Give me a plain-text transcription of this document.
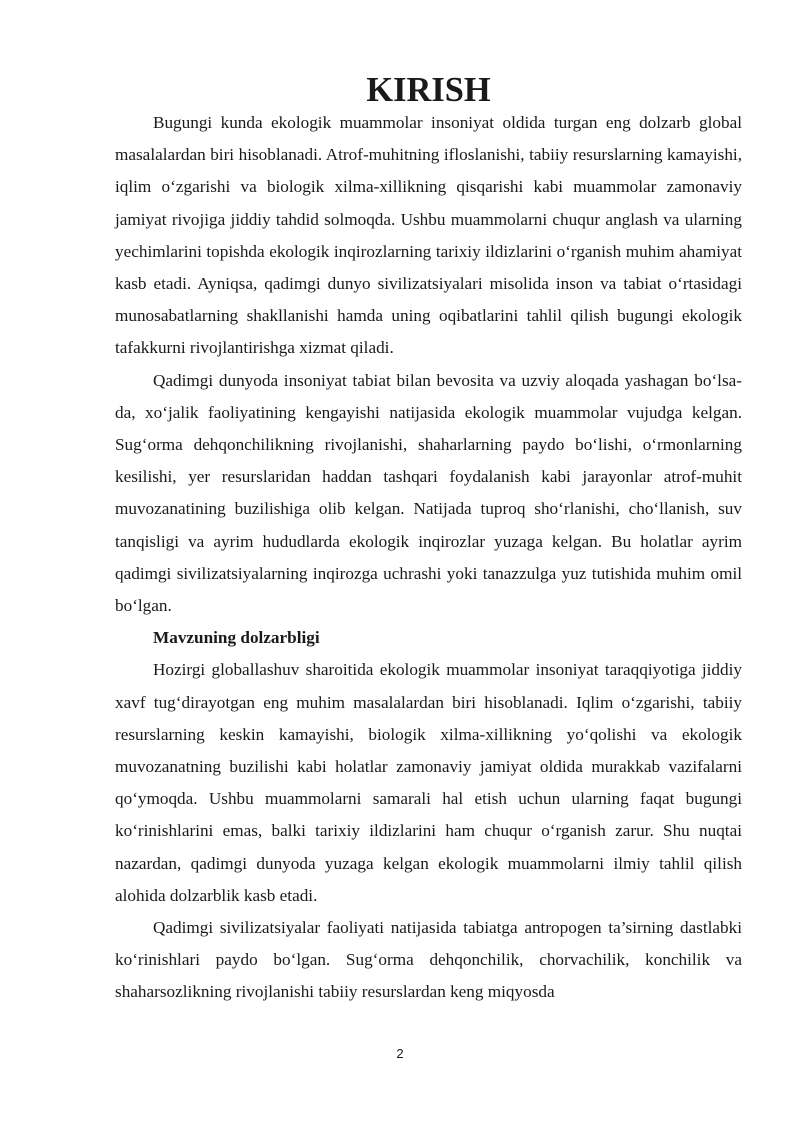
KIRISH

Bugungi kunda ekologik muammolar insoniyat oldida turgan eng dolzarb global masalalardan biri hisoblanadi. Atrof-muhitning ifloslanishi, tabiiy resurslarning kamayishi, iqlim o‘zgarishi va biologik xilma-xillikning qisqarishi kabi muammolar zamonaviy jamiyat rivojiga jiddiy tahdid solmoqda. Ushbu muammolarni chuqur anglash va ularning yechimlarini topishda ekologik inqirozlarning tarixiy ildizlarini o‘rganish muhim ahamiyat kasb etadi. Ayniqsa, qadimgi dunyo sivilizatsiyalari misolida inson va tabiat o‘rtasidagi munosabatlarning shakllanishi hamda uning oqibatlarini tahlil qilish bugungi ekologik tafakkurni rivojlantirishga xizmat qiladi.

Qadimgi dunyoda insoniyat tabiat bilan bevosita va uzviy aloqada yashagan bo‘lsa-da, xo‘jalik faoliyatining kengayishi natijasida ekologik muammolar vujudga kelgan. Sug‘orma dehqonchilikning rivojlanishi, shaharlarning paydo bo‘lishi, o‘rmonlarning kesilishi, yer resurslaridan haddan tashqari foydalanish kabi jarayonlar atrof-muhit muvozanatining buzilishiga olib kelgan. Natijada tuproq sho‘rlanishi, cho‘llanish, suv tanqisligi va ayrim hududlarda ekologik inqirozlar yuzaga kelgan. Bu holatlar ayrim qadimgi sivilizatsiyalarning inqirozga uchrashi yoki tanazzulga yuz tutishida muhim omil bo‘lgan.

Mavzuning dolzarbligi

Hozirgi globallashuv sharoitida ekologik muammolar insoniyat taraqqiyotiga jiddiy xavf tug‘dirayotgan eng muhim masalalardan biri hisoblanadi. Iqlim o‘zgarishi, tabiiy resurslarning keskin kamayishi, biologik xilma-xillikning yo‘qolishi va ekologik muvozanatning buzilishi kabi holatlar zamonaviy jamiyat oldida murakkab vazifalarni qo‘ymoqda. Ushbu muammolarni samarali hal etish uchun ularning faqat bugungi ko‘rinishlarini emas, balki tarixiy ildizlarini ham chuqur o‘rganish zarur. Shu nuqtai nazardan, qadimgi dunyoda yuzaga kelgan ekologik muammolarni ilmiy tahlil qilish alohida dolzarblik kasb etadi.

Qadimgi sivilizatsiyalar faoliyati natijasida tabiatga antropogen ta’sirning dastlabki ko‘rinishlari paydo bo‘lgan. Sug‘orma dehqonchilik, chorvachilik, konchilik va shaharsozlikning rivojlanishi tabiiy resurslardan keng miqyosda

2
